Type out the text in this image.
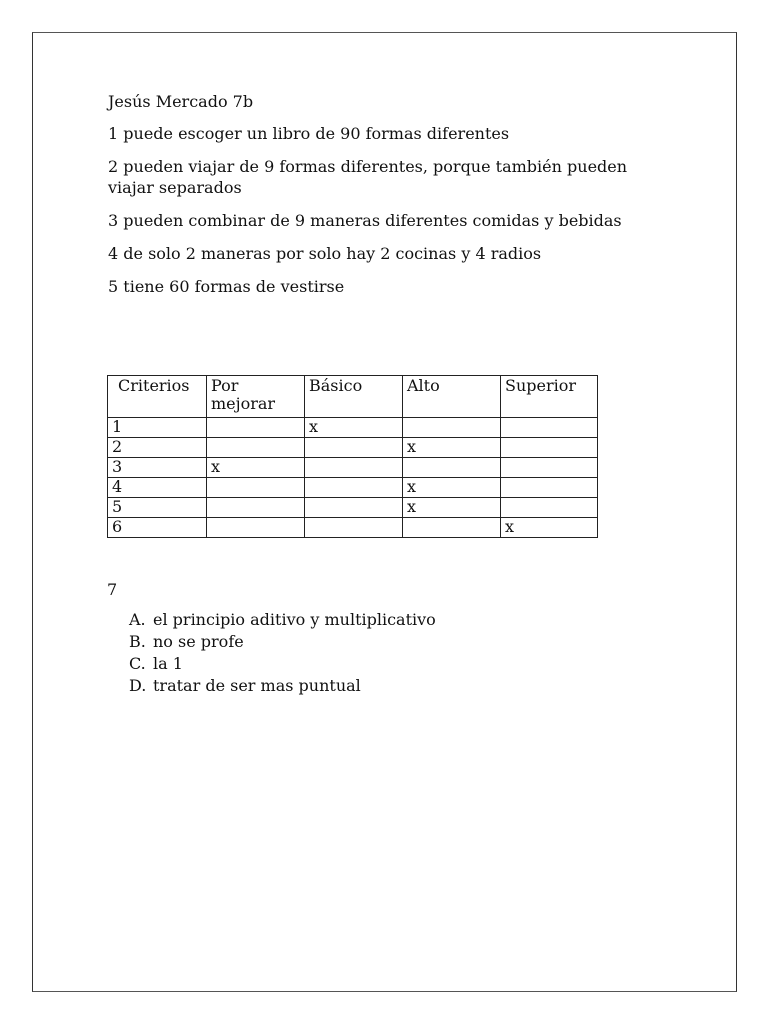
Jesús Mercado 7b

1 puede escoger un libro de 90 formas diferentes

2 pueden viajar de 9 formas diferentes, porque también pueden viajar separados

3 pueden combinar de 9 maneras diferentes comidas y bebidas

4 de solo 2 maneras por solo hay 2 cocinas y 4 radios

5 tiene 60 formas de vestirse

Criterios	Por mejorar	Básico	Alto	Superior
1		x		
2			x	
3	x			
4			x	
5			x	
6				x
7
A. el principio aditivo y multiplicativo
B. no se profe
C. la 1
D. tratar de ser mas puntual
